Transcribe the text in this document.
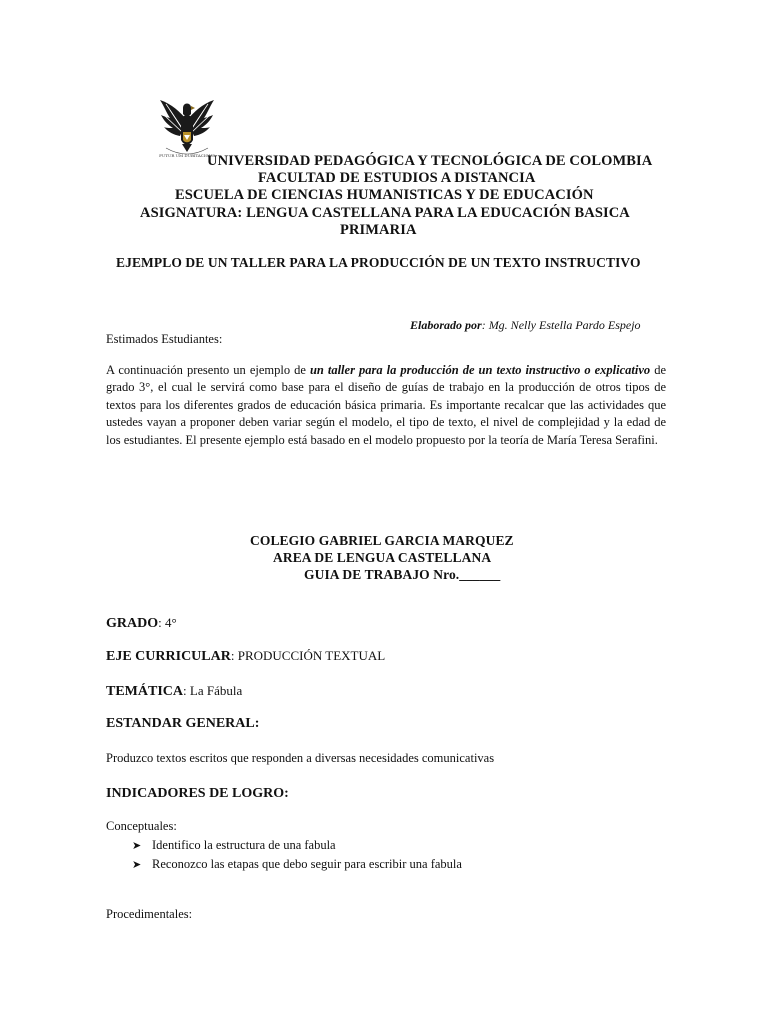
FUTUR UM DUBITACIOUS
UNIVERSIDAD PEDAGÓGICA Y TECNOLÓGICA DE COLOMBIA
FACULTAD DE ESTUDIOS A DISTANCIA
ESCUELA DE CIENCIAS HUMANISTICAS Y DE EDUCACIÓN
ASIGNATURA: LENGUA CASTELLANA PARA LA EDUCACIÓN BASICA
PRIMARIA
EJEMPLO DE UN TALLER PARA LA PRODUCCIÓN DE UN TEXTO INSTRUCTIVO
Elaborado por: Mg. Nelly Estella Pardo Espejo
Estimados Estudiantes:
A continuación presento un ejemplo de un taller para la producción de un texto instructivo o explicativo de grado 3°, el cual le servirá como base para el diseño de guías de trabajo en la producción de otros tipos de textos para los diferentes grados de educación básica primaria. Es importante recalcar que las actividades que ustedes vayan a proponer deben variar según el modelo, el tipo de texto, el nivel de complejidad y la edad de los estudiantes. El presente ejemplo está basado en el modelo propuesto por la teoría de María Teresa Serafini.
COLEGIO GABRIEL GARCIA MARQUEZ
AREA DE LENGUA CASTELLANA
GUIA DE TRABAJO Nro.______
GRADO: 4°
EJE CURRICULAR: PRODUCCIÓN TEXTUAL
TEMÁTICA: La Fábula
ESTANDAR GENERAL:
Produzco textos escritos que responden a diversas necesidades comunicativas
INDICADORES DE LOGRO:
Conceptuales:
➤ Identifico la estructura de una fabula
➤ Reconozco las etapas que debo seguir para escribir una fabula
Procedimentales:
